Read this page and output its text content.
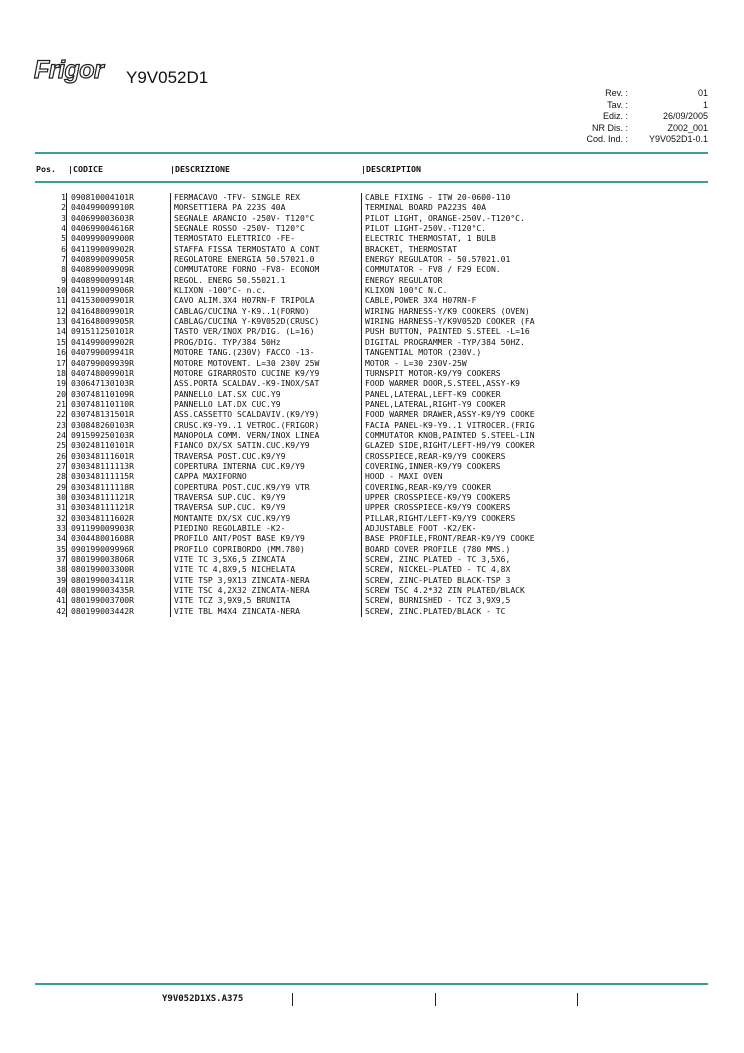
Frigor Y9V052D1
Rev. :	01
Tav. :	1
Ediz. :	26/09/2005
NR Dis. :	Z002_001
Cod. Ind. : Y9V052D1-0.1
Pos. |CODICE	|DESCRIZIONE	|DESCRIPTION
1 090810004101R	FERMACAVO -TFV- SINGLE REX	CABLE FIXING - ITW 20-0600-110
2 040499009910R	MORSETTIERA PA 223S 40A	TERMINAL BOARD PA223S 40A
3 040699003603R	SEGNALE ARANCIO -250V- T120°C	PILOT LIGHT, ORANGE-250V.-T120°C.
4 040699004616R	SEGNALE ROSSO -250V- T120°C	PILOT LIGHT-250V.-T120°C.
5 040999009900R	TERMOSTATO ELETTRICO -FE-	ELECTRIC THERMOSTAT, 1 BULB
6 041199009902R	STAFFA FISSA TERMOSTATO A CONT	BRACKET, THERMOSTAT
7 040899009905R	REGOLATORE ENERGIA 50.57021.0	ENERGY REGULATOR - 50.57021.01
8 040899009909R	COMMUTATORE FORNO -FV8- ECONOM	COMMUTATOR - FV8 / F29 ECON.
9 040899009914R	REGOL. ENERG 50.55021.1	ENERGY REGULATOR
10 041199009906R	KLIXON -100°C- n.c.	KLIXON 100°C N.C.
11 041530009901R	CAVO ALIM.3X4 H07RN-F TRIPOLA	CABLE,POWER 3X4 H07RN-F
12 041648009901R	CABLAG/CUCINA Y-K9..1(FORNO)	WIRING HARNESS-Y/K9 COOKERS (OVEN)
13 041648009905R	CABLAG/CUCINA Y-K9V052D(CRUSC)	WIRING HARNESS-Y/K9V052D COOKER (FA
14 091511250101R	TASTO VER/INOX PR/DIG. (L=16)	PUSH BUTTON, PAINTED S.STEEL -L=16
15 041499009902R	PROG/DIG. TYP/384 50Hz	DIGITAL PROGRAMMER -TYP/384 50HZ.
16 040799009941R	MOTORE TANG.(230V) FACCO -13-	TANGENTIAL MOTOR (230V.)
17 040799009939R	MOTORE MOTOVENT. L=30 230V 25W	MOTOR - L=30 230V-25W
18 040748009901R	MOTORE GIRARROSTO CUCINE K9/Y9	TURNSPIT MOTOR-K9/Y9 COOKERS
19 030647130103R	ASS.PORTA SCALDAV.-K9-INOX/SAT	FOOD WARMER DOOR,S.STEEL,ASSY-K9
20 030748110109R	PANNELLO LAT.SX CUC.Y9	PANEL,LATERAL,LEFT-K9 COOKER
21 030748110110R	PANNELLO LAT.DX CUC.Y9	PANEL,LATERAL,RIGHT-Y9 COOKER
22 030748131501R	ASS.CASSETTO SCALDAVIV.(K9/Y9)	FOOD WARMER DRAWER,ASSY-K9/Y9 COOKE
23 030848260103R	CRUSC.K9-Y9..1 VETROC.(FRIGOR)	FACIA PANEL-K9-Y9..1 VITROCER.(FRIG
24 091599250103R	MANOPOLA COMM. VERN/INOX LINEA	COMMUTATOR KNOB,PAINTED S.STEEL-LIN
25 030248110101R	FIANCO DX/SX SATIN.CUC.K9/Y9	GLAZED SIDE,RIGHT/LEFT-H9/Y9 COOKER
26 030348111601R	TRAVERSA POST.CUC.K9/Y9	CROSSPIECE,REAR-K9/Y9 COOKERS
27 030348111113R	COPERTURA INTERNA CUC.K9/Y9	COVERING,INNER-K9/Y9 COOKERS
28 030348111115R	CAPPA MAXIFORNO	HOOD - MAXI OVEN
29 030348111118R	COPERTURA POST.CUC.K9/Y9 VTR	COVERING,REAR-K9/Y9 COOKER
30 030348111121R	TRAVERSA SUP.CUC. K9/Y9	UPPER CROSSPIECE-K9/Y9 COOKERS
31 030348111121R	TRAVERSA SUP.CUC. K9/Y9	UPPER CROSSPIECE-K9/Y9 COOKERS
32 030348111602R	MONTANTE DX/SX CUC.K9/Y9	PILLAR,RIGHT/LEFT-K9/Y9 COOKERS
33 091199009903R	PIEDINO REGOLABILE -K2-	ADJUSTABLE FOOT -K2/EK-
34 030448001608R	PROFILO ANT/POST BASE K9/Y9	BASE PROFILE,FRONT/REAR-K9/Y9 COOKE
35 090199009996R	PROFILO COPRIBORDO (MM.780)	BOARD COVER PROFILE (780 MMS.)
37 080199003806R	VITE TC 3,5X6,5 ZINCATA	SCREW, ZINC PLATED - TC 3,5X6,
38 080199003300R	VITE TC 4,8X9,5 NICHELATA	SCREW, NICKEL-PLATED - TC 4,8X
39 080199003411R	VITE TSP 3,9X13 ZINCATA-NERA	SCREW, ZINC-PLATED BLACK-TSP 3
40 080199003435R	VITE TSC 4,2X32 ZINCATA-NERA	SCREW TSC 4.2*32 ZIN PLATED/BLACK
41 080199003700R	VITE TCZ 3,9X9,5 BRUNITA	SCREW, BURNISHED - TCZ 3,9X9,5
42 080199003442R	VITE TBL M4X4 ZINCATA-NERA	SCREW, ZINC.PLATED/BLACK - TC
Y9V052D1XS.A375
